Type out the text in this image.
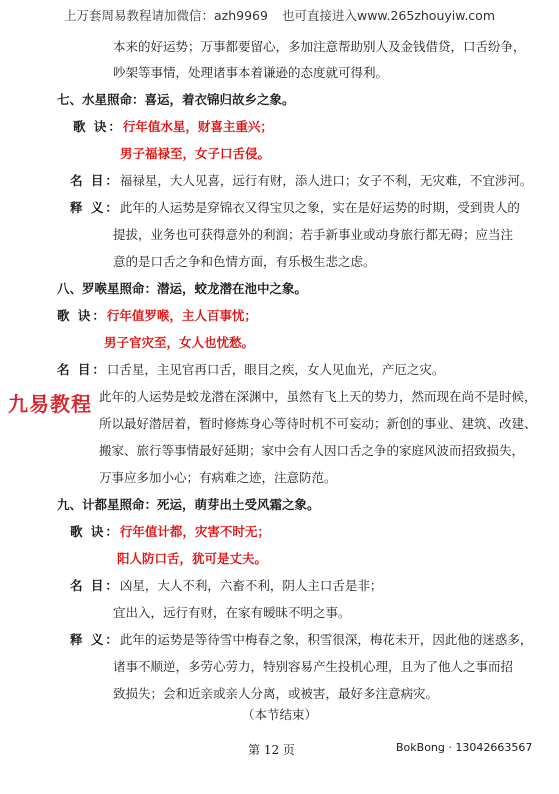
上万套周易教程请加微信：azh9969 也可直接进入www.265zhouyiw.com
本来的好运势；万事都要留心，多加注意帮助别人及金钱借贷，口舌纷争，
吵架等事情，处理诸事本着谦逊的态度就可得利。
七、水星照命：喜运，着衣锦归故乡之象。
歌 诀：行年值水星，财喜主重兴；
男子福禄至，女子口舌侵。
名 目：福禄星，大人见喜，远行有财，添人进口；女子不利，无灾难，不宜涉河。
释 义：此年的人运势是穿锦衣又得宝贝之象，实在是好运势的时期，受到贵人的
提拔，业务也可获得意外的利润；若手新事业或动身旅行都无碍；应当注
意的是口舌之争和色情方面，有乐极生悲之虑。
八、罗喉星照命：潜运，蛟龙潜在池中之象。
歌 诀：行年值罗喉，主人百事忧；
男子官灾至，女人也忧愁。
名 目：口舌星，主见官再口舌，眼目之疾，女人见血光，产厄之灾。
九易教程 此年的人运势是蛟龙潜在深渊中，虽然有飞上天的势力，然而现在尚不是时候，
所以最好潜居着，暂时修炼身心等待时机不可妄动；新创的事业、建筑、改建、
搬家、旅行等事情最好延期；家中会有人因口舌之争的家庭风波而招致损失，
万事应多加小心；有病难之迹，注意防范。
九、计都星照命：死运，萌芽出土受风霜之象。
歌 诀：行年值计都，灾害不时无；
阳人防口舌，犹可是丈夫。
名 目：凶星，大人不利，六畜不利，阴人主口舌是非；
宜出入，远行有财，在家有暧昧不明之事。
释 义：此年的运势是等待雪中梅春之象，积雪很深，梅花未开，因此他的迷惑多，
诸事不顺逆，多劳心劳力，特别容易产生投机心理，且为了他人之事而招
致损失；会和近亲或亲人分离，或被害，最好多注意病灾。
（本节结束）
第 12 页	BokBong · 13042663567
